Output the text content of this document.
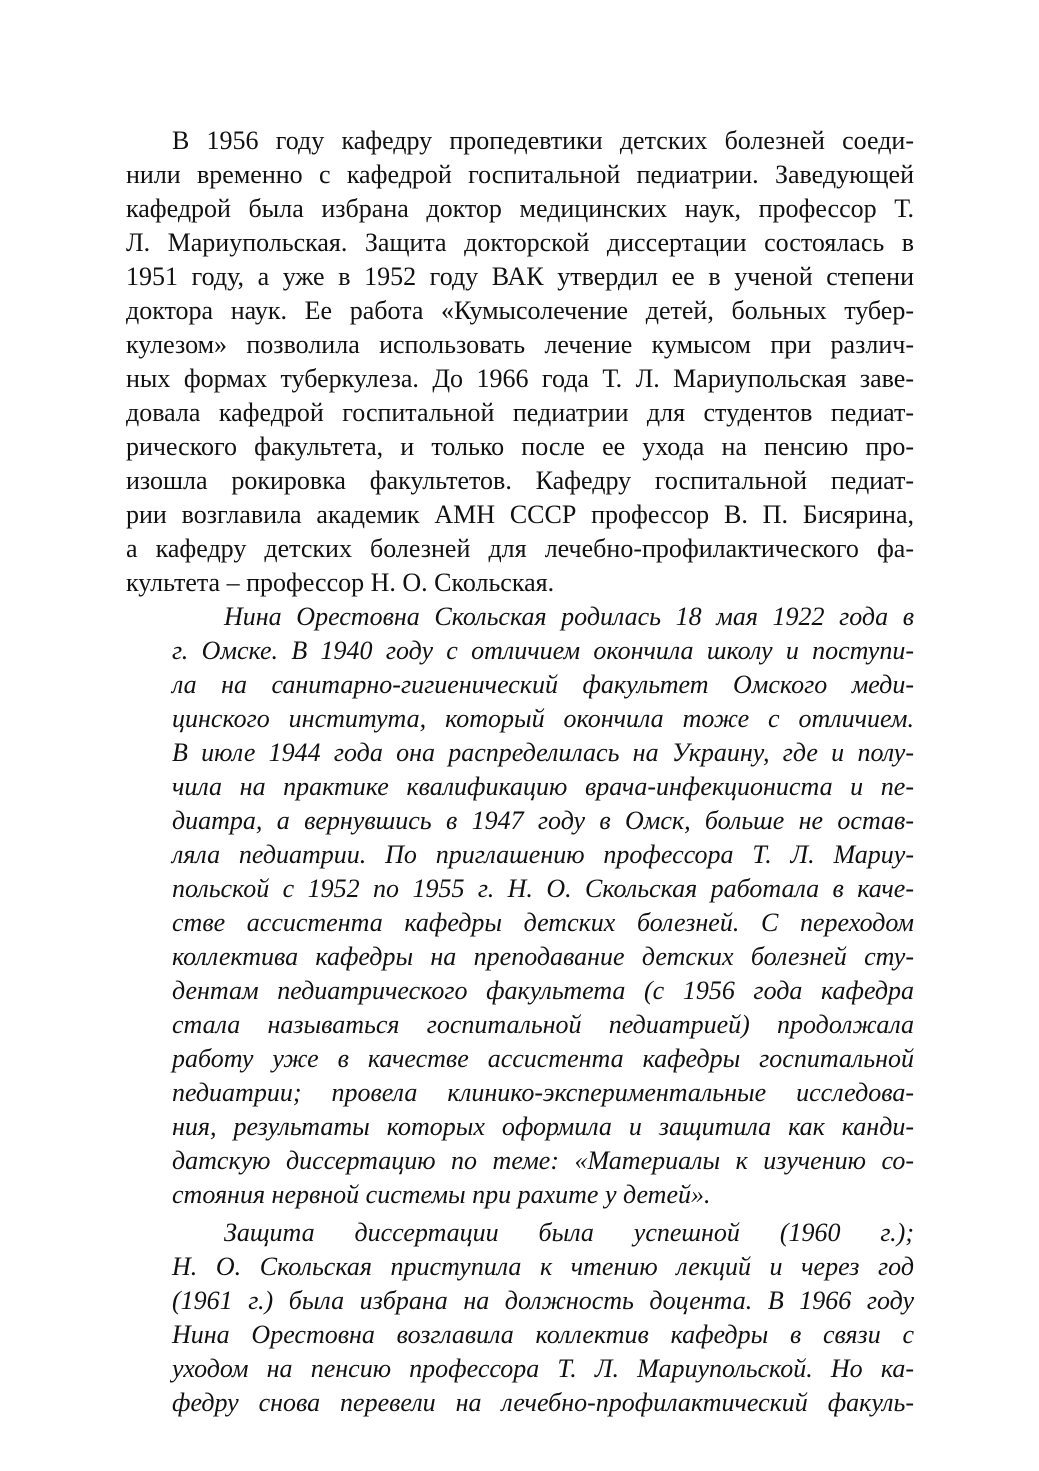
В 1956 году кафедру пропедевтики детских болезней соеди-

нили временно с кафедрой госпитальной педиатрии. Заведующей

кафедрой была избрана доктор медицинских наук, профессор Т.

Л. Мариупольская. Защита докторской диссертации состоялась в

1951 году, а уже в 1952 году ВАК утвердил ее в ученой степени

доктора наук. Ее работа «Кумысолечение детей, больных тубер-

кулезом» позволила использовать лечение кумысом при различ-

ных формах туберкулеза. До 1966 года Т. Л. Мариупольская заве-

довала кафедрой госпитальной педиатрии для студентов педиат-

рического факультета, и только после ее ухода на пенсию про-

изошла рокировка факультетов. Кафедру госпитальной педиат-

рии возглавила академик АМН СССР профессор В. П. Бисярина,

а кафедру детских болезней для лечебно-профилактического фа-

культета – профессор Н. О. Скольская.

Нина Орестовна Скольская родилась 18 мая 1922 года в

г. Омске. В 1940 году с отличием окончила школу и поступи-

ла на санитарно-гигиенический факультет Омского меди-

цинского института, который окончила тоже с отличием.

В июле 1944 года она распределилась на Украину, где и полу-

чила на практике квалификацию врача-инфекциониста и пе-

диатра, а вернувшись в 1947 году в Омск, больше не остав-

ляла педиатрии. По приглашению профессора Т. Л. Мариу-

польской с 1952 по 1955 г. Н. О. Скольская работала в каче-

стве ассистента кафедры детских болезней. С переходом

коллектива кафедры на преподавание детских болезней сту-

дентам педиатрического факультета (с 1956 года кафедра

стала называться госпитальной педиатрией) продолжала

работу уже в качестве ассистента кафедры госпитальной

педиатрии; провела клинико-экспериментальные исследова-

ния, результаты которых оформила и защитила как канди-

датскую диссертацию по теме: «Материалы к изучению со-

стояния нервной системы при рахите у детей».

Защита диссертации была успешной (1960 г.);

Н. О. Скольская приступила к чтению лекций и через год

(1961 г.) была избрана на должность доцента. В 1966 году

Нина Орестовна возглавила коллектив кафедры в связи с

уходом на пенсию профессора Т. Л. Мариупольской. Но ка-

федру снова перевели на лечебно-профилактический факуль-
